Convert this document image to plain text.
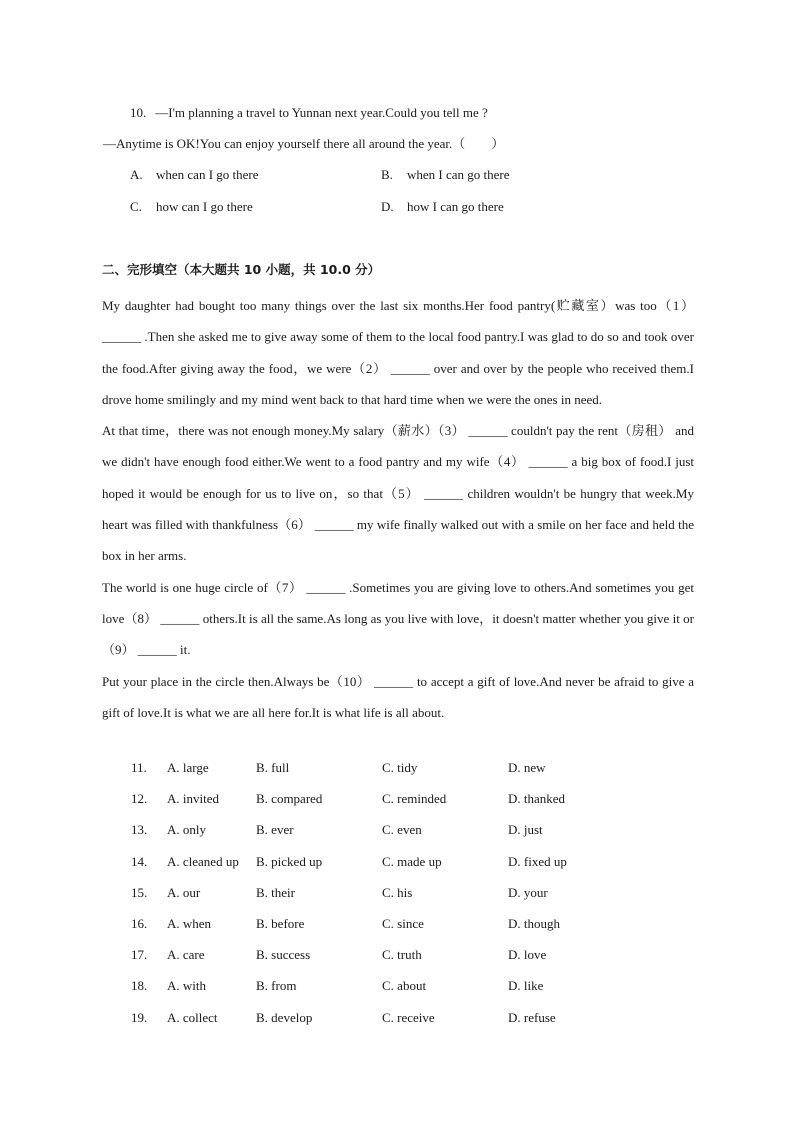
10. —I'm planning a travel to Yunnan next year.Could you tell me ?
—Anytime is OK!You can enjoy yourself there all around the year.（　　）
A. when can I go there	B. when I can go there
C. how can I go there	D. how I can go there
二、完形填空（本大题共 10 小题，共 10.0 分）

My daughter had bought too many things over the last six months.Her food pantry(贮藏室）was too（1）______ .Then she asked me to give away some of them to the local food pantry.I was glad to do so and took over the food.After giving away the food，we were（2） ______ over and over by the people who received them.I drove home smilingly and my mind went back to that hard time when we were the ones in need.

At that time，there was not enough money.My salary（薪水）（3） ______ couldn't pay the rent（房租） and we didn't have enough food either.We went to a food pantry and my wife（4） ______ a big box of food.I just hoped it would be enough for us to live on，so that（5） ______ children wouldn't be hungry that week.My heart was filled with thankfulness（6） ______ my wife finally walked out with a smile on her face and held the box in her arms.

The world is one huge circle of（7） ______ .Sometimes you are giving love to others.And sometimes you get love（8） ______ others.It is all the same.As long as you live with love，it doesn't matter whether you give it or （9） ______ it.

Put your place in the circle then.Always be（10） ______ to accept a gift of love.And never be afraid to give a gift of love.It is what we are all here for.It is what life is all about.

11. A. large	B. full	C. tidy	D. new
12. A. invited	B. compared	C. reminded	D. thanked
13. A. only	B. ever	C. even	D. just
14. A. cleaned up B. picked up	C. made up	D. fixed up
15. A. our	B. their	C. his	D. your
16. A. when	B. before	C. since	D. though
17. A. care	B. success	C. truth	D. love
18. A. with	B. from	C. about	D. like
19. A. collect	B. develop	C. receive	D. refuse
